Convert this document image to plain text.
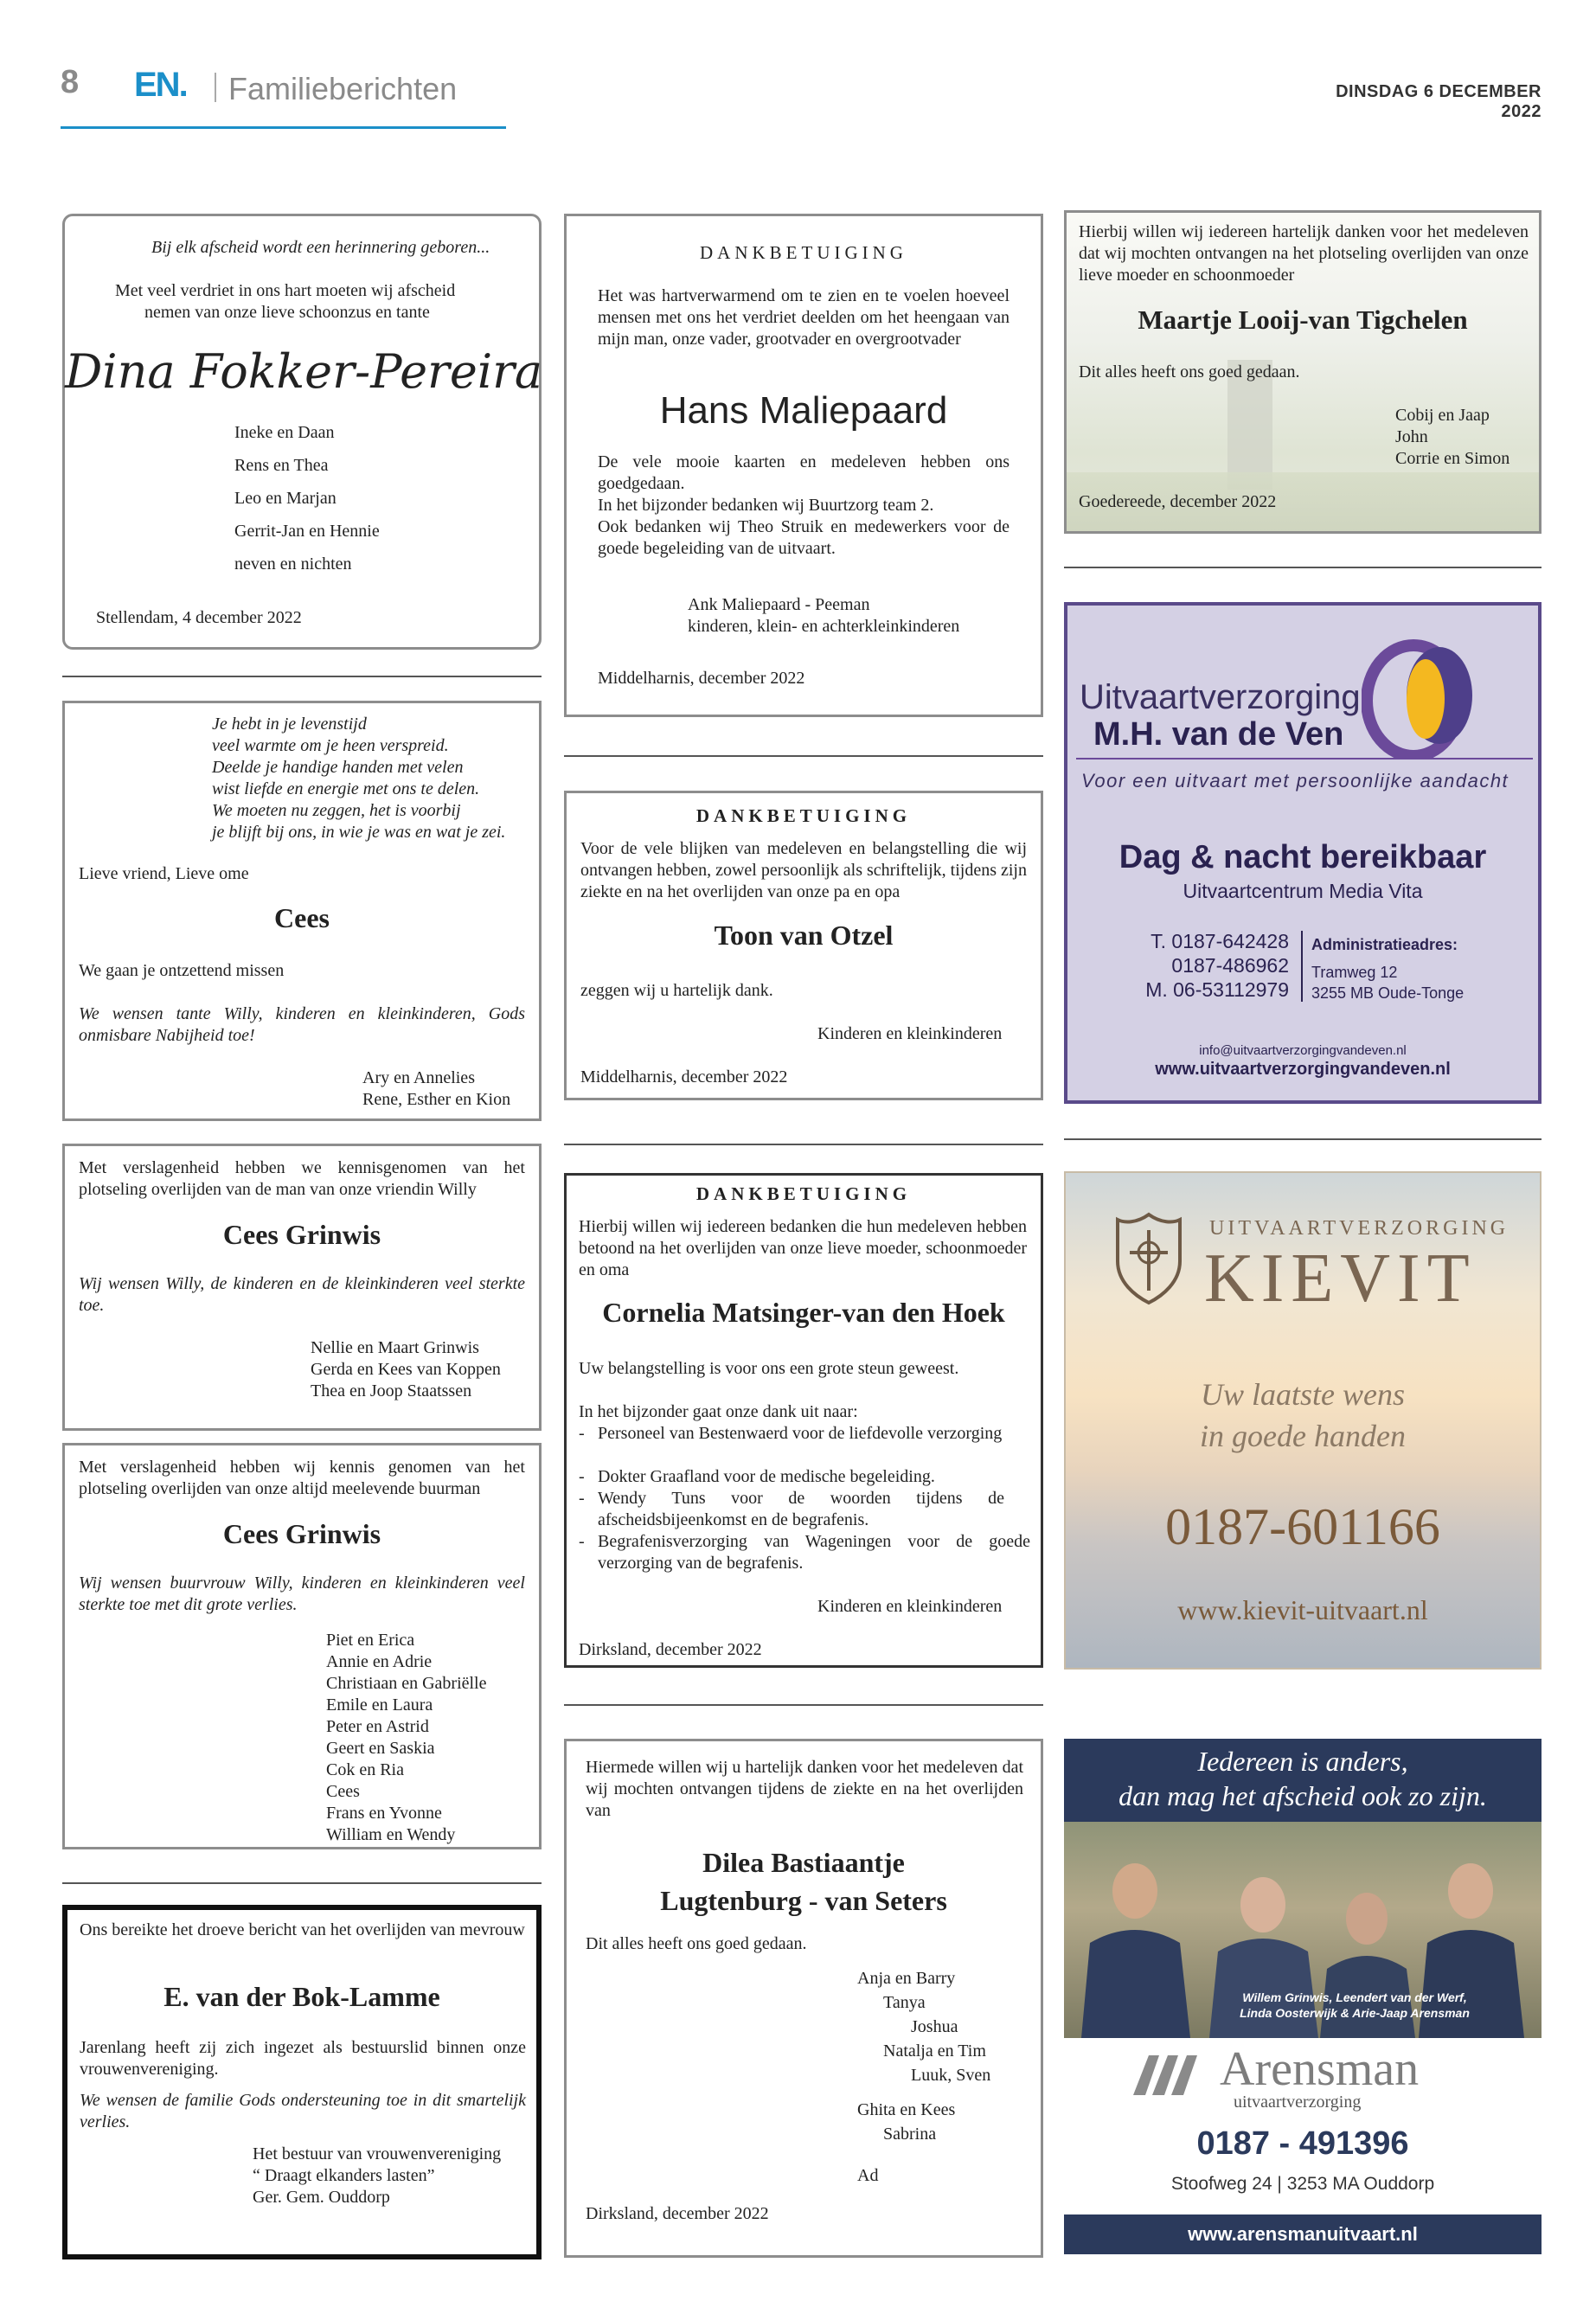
8 EN. Familieberichten	DINSDAG 6 DECEMBER 2022
Bij elk afscheid wordt een herinnering geboren...
Met veel verdriet in ons hart moeten wij afscheid
nemen van onze lieve schoonzus en tante
Dina Fokker-Pereira
Ineke en Daan
Rens en Thea
Leo en Marjan
Gerrit-Jan en Hennie
neven en nichten
Stellendam, 4 december 2022
Je hebt in je levenstijd
veel warmte om je heen verspreid.
Deelde je handige handen met velen
wist liefde en energie met ons te delen.
We moeten nu zeggen, het is voorbij
je blijft bij ons, in wie je was en wat je zei.
Lieve vriend, Lieve ome
Cees
We gaan je ontzettend missen
We wensen tante Willy, kinderen en kleinkinderen, Gods onmisbare Nabijheid toe!
Ary en Annelies
Rene, Esther en Kion
Met verslagenheid hebben we kennisgenomen van het plotseling overlijden van de man van onze vriendin Willy
Cees Grinwis
Wij wensen Willy, de kinderen en de kleinkinderen veel sterkte toe.
Nellie en Maart Grinwis
Gerda en Kees van Koppen
Thea en Joop Staatssen
Met verslagenheid hebben wij kennis genomen van het plotseling overlijden van onze altijd meelevende buurman
Cees Grinwis
Wij wensen buurvrouw Willy, kinderen en kleinkinderen veel sterkte toe met dit grote verlies.
Piet en Erica
Annie en Adrie
Christiaan en Gabriëlle
Emile en Laura
Peter en Astrid
Geert en Saskia
Cok en Ria
Cees
Frans en Yvonne
William en Wendy
Ons bereikte het droeve bericht van het overlijden van mevrouw
E. van der Bok-Lamme
Jarenlang heeft zij zich ingezet als bestuurslid binnen onze vrouwenvereniging.
We wensen de familie Gods ondersteuning toe in dit smartelijk verlies.
Het bestuur van vrouwenvereniging
“ Draagt elkanders lasten”
Ger. Gem. Ouddorp
DANKBETUIGING
Het was hartverwarmend om te zien en te voelen hoeveel mensen met ons het verdriet deelden om het heengaan van mijn man, onze vader, grootvader en overgrootvader
Hans Maliepaard
De vele mooie kaarten en medeleven hebben ons goedgedaan.
In het bijzonder bedanken wij Buurtzorg team 2.
Ook bedanken wij Theo Struik en medewerkers voor de goede begeleiding van de uitvaart.
Ank Maliepaard - Peeman
kinderen, klein- en achterkleinkinderen
Middelharnis, december 2022
DANKBETUIGING
Voor de vele blijken van medeleven en belangstelling die wij ontvangen hebben, zowel persoonlijk als schriftelijk, tijdens zijn ziekte en na het overlijden van onze pa en opa
Toon van Otzel
zeggen wij u hartelijk dank.
Kinderen en kleinkinderen
Middelharnis, december 2022
DANKBETUIGING
Hierbij willen wij iedereen bedanken die hun medeleven hebben betoond na het overlijden van onze lieve moeder, schoonmoeder en oma
Cornelia Matsinger-van den Hoek
Uw belangstelling is voor ons een grote steun geweest.
In het bijzonder gaat onze dank uit naar:
- Personeel van Bestenwaerd voor de liefdevolle verzorging
- Dokter Graafland voor de medische begeleiding.
- Wendy Tuns voor de woorden tijdens de afscheidsbijeenkomst en de begrafenis.
- Begrafenisverzorging van Wageningen voor de goede verzorging van de begrafenis.
Kinderen en kleinkinderen
Dirksland, december 2022
Hiermede willen wij u hartelijk danken voor het medeleven dat wij mochten ontvangen tijdens de ziekte en na het overlijden van
Dilea Bastiaantje
Lugtenburg - van Seters
Dit alles heeft ons goed gedaan.
Anja en Barry
Tanya
Joshua
Natalja en Tim
Luuk, Sven
Ghita en Kees
Sabrina
Ad
Dirksland, december 2022
Hierbij willen wij iedereen hartelijk danken voor het medeleven dat wij mochten ontvangen na het plotseling overlijden van onze lieve moeder en schoonmoeder
Maartje Looij-van Tigchelen
Dit alles heeft ons goed gedaan.
Cobij en Jaap
John
Corrie en Simon
Goedereede, december 2022
Uitvaartverzorging
M.H. van de Ven
Voor een uitvaart met persoonlijke aandacht
Dag & nacht bereikbaar
Uitvaartcentrum Media Vita
T. 0187-642428
0187-486962
M. 06-53112979
Administratieadres:
Tramweg 12
3255 MB Oude-Tonge
info@uitvaartverzorgingvandeven.nl
www.uitvaartverzorgingvandeven.nl
UITVAARTVERZORGING
KIEVIT
Uw laatste wens
in goede handen
0187-601166
www.kievit-uitvaart.nl
Iedereen is anders,
dan mag het afscheid ook zo zijn.
Willem Grinwis, Leendert van der Werf,
Linda Oosterwijk & Arie-Jaap Arensman
Arensman
uitvaartverzorging
0187 - 491396
Stoofweg 24 | 3253 MA Ouddorp
www.arensmanuitvaart.nl
